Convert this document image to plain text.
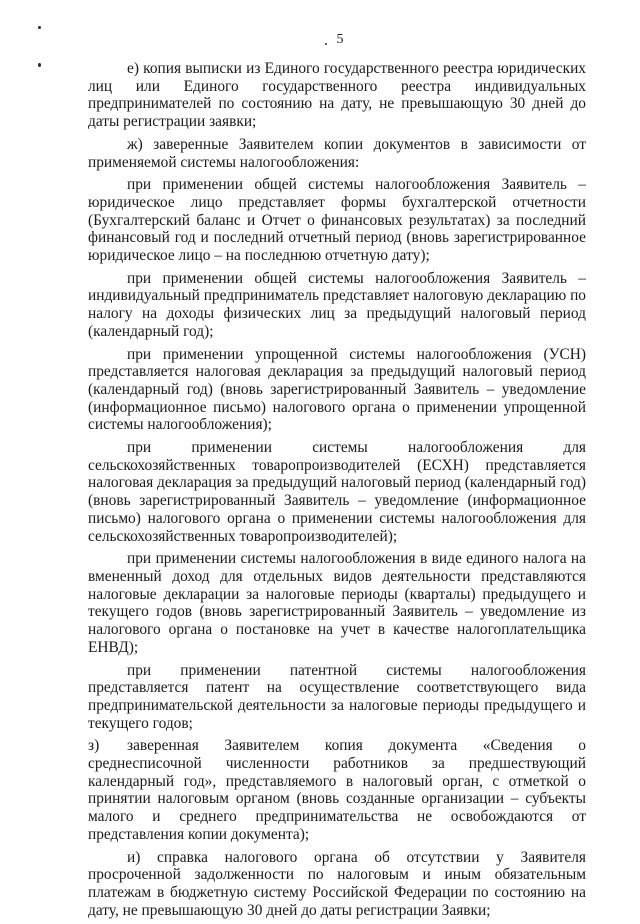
5

е) копия выписки из Единого государственного реестра юридических лиц или Единого государственного реестра индивидуальных предпринимателей по состоянию на дату, не превышающую 30 дней до даты регистрации заявки;

ж) заверенные Заявителем копии документов в зависимости от применяемой системы налогообложения:

при применении общей системы налогообложения Заявитель – юридическое лицо представляет формы бухгалтерской отчетности (Бухгалтерский баланс и Отчет о финансовых результатах) за последний финансовый год и последний отчетный период (вновь зарегистрированное юридическое лицо – на последнюю отчетную дату);

при применении общей системы налогообложения Заявитель – индивидуальный предприниматель представляет налоговую декларацию по налогу на доходы физических лиц за предыдущий налоговый период (календарный год);

при применении упрощенной системы налогообложения (УСН) представляется налоговая декларация за предыдущий налоговый период (календарный год) (вновь зарегистрированный Заявитель – уведомление (информационное письмо) налогового органа о применении упрощенной системы налогообложения);

при применении системы налогообложения для сельскохозяйственных товаропроизводителей (ЕСХН) представляется налоговая декларация за предыдущий налоговый период (календарный год) (вновь зарегистрированный Заявитель – уведомление (информационное письмо) налогового органа о применении системы налогообложения для сельскохозяйственных товаропроизводителей);

при применении системы налогообложения в виде единого налога на вмененный доход для отдельных видов деятельности представляются налоговые декларации за налоговые периоды (кварталы) предыдущего и текущего годов (вновь зарегистрированный Заявитель – уведомление из налогового органа о постановке на учет в качестве налогоплательщика ЕНВД);

при применении патентной системы налогообложения представляется патент на осуществление соответствующего вида предпринимательской деятельности за налоговые периоды предыдущего и текущего годов;

з) заверенная Заявителем копия документа «Сведения о среднесписочной численности работников за предшествующий календарный год», представляемого в налоговый орган, с отметкой о принятии налоговым органом (вновь созданные организации – субъекты малого и среднего предпринимательства не освобождаются от представления копии документа);

и) справка налогового органа об отсутствии у Заявителя просроченной задолженности по налоговым и иным обязательным платежам в бюджетную систему Российской Федерации по состоянию на дату, не превышающую 30 дней до даты регистрации Заявки;
